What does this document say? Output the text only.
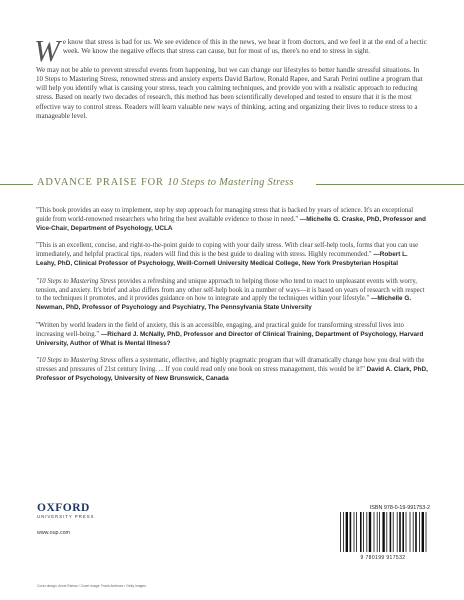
We know that stress is bad for us. We see evidence of this in the news, we hear it from doctors, and we feel it at the end of a hectic week. We know the negative effects that stress can cause, but for most of us, there's no end to stress in sight.

We may not be able to prevent stressful events from happening, but we can change our lifestyles to better handle stressful situations. In 10 Steps to Mastering Stress, renowned stress and anxiety experts David Barlow, Ronald Rapee, and Sarah Perini outline a program that will help you identify what is causing your stress, teach you calming techniques, and provide you with a realistic approach to reducing stress. Based on nearly two decades of research, this method has been scientifically developed and tested to ensure that it is the most effective way to control stress. Readers will learn valuable new ways of thinking, acting and organizing their lives to reduce stress to a manageable level.

ADVANCE PRAISE FOR 10 Steps to Mastering Stress

"This book provides an easy to implement, step by step approach for managing stress that is backed by years of science. It's an exceptional guide from world-renowned researchers who bring the best available evidence to those in need." —Michelle G. Craske, PhD, Professor and Vice-Chair, Department of Psychology, UCLA

"This is an excellent, concise, and right-to-the-point guide to coping with your daily stress. With clear self-help tools, forms that you can use immediately, and helpful practical tips, readers will find this is the best guide to dealing with stress. Highly recommended." —Robert L. Leahy, PhD, Clinical Professor of Psychology, Weill-Cornell University Medical College, New York Presbyterian Hospital

"10 Steps to Mastering Stress provides a refreshing and unique approach to helping those who tend to react to unpleasant events with worry, tension, and anxiety. It's brief and also differs from any other self-help book in a number of ways—it is based on years of research with respect to the techniques it promotes, and it provides guidance on how to integrate and apply the techniques within your lifestyle." —Michelle G. Newman, PhD, Professor of Psychology and Psychiatry, The Pennsylvania State University

"Written by world leaders in the field of anxiety, this is an accessible, engaging, and practical guide for transforming stressful lives into increasing well-being." —Richard J. McNally, PhD, Professor and Director of Clinical Training, Department of Psychology, Harvard University, Author of What is Mental Illness?

"10 Steps to Mastering Stress offers a systematic, effective, and highly pragmatic program that will dramatically change how you deal with the stresses and pressures of 21st century living. ... If you could read only one book on stress management, this would be it!" David A. Clark, PhD, Professor of Psychology, University of New Brunswick, Canada

OXFORD
UNIVERSITY PRESS
www.oup.com
Cover design: Annie Ramos / Cover image: Frank Ambrose / Getty Images
ISBN 978-0-19-991753-2
9 780199 917532
